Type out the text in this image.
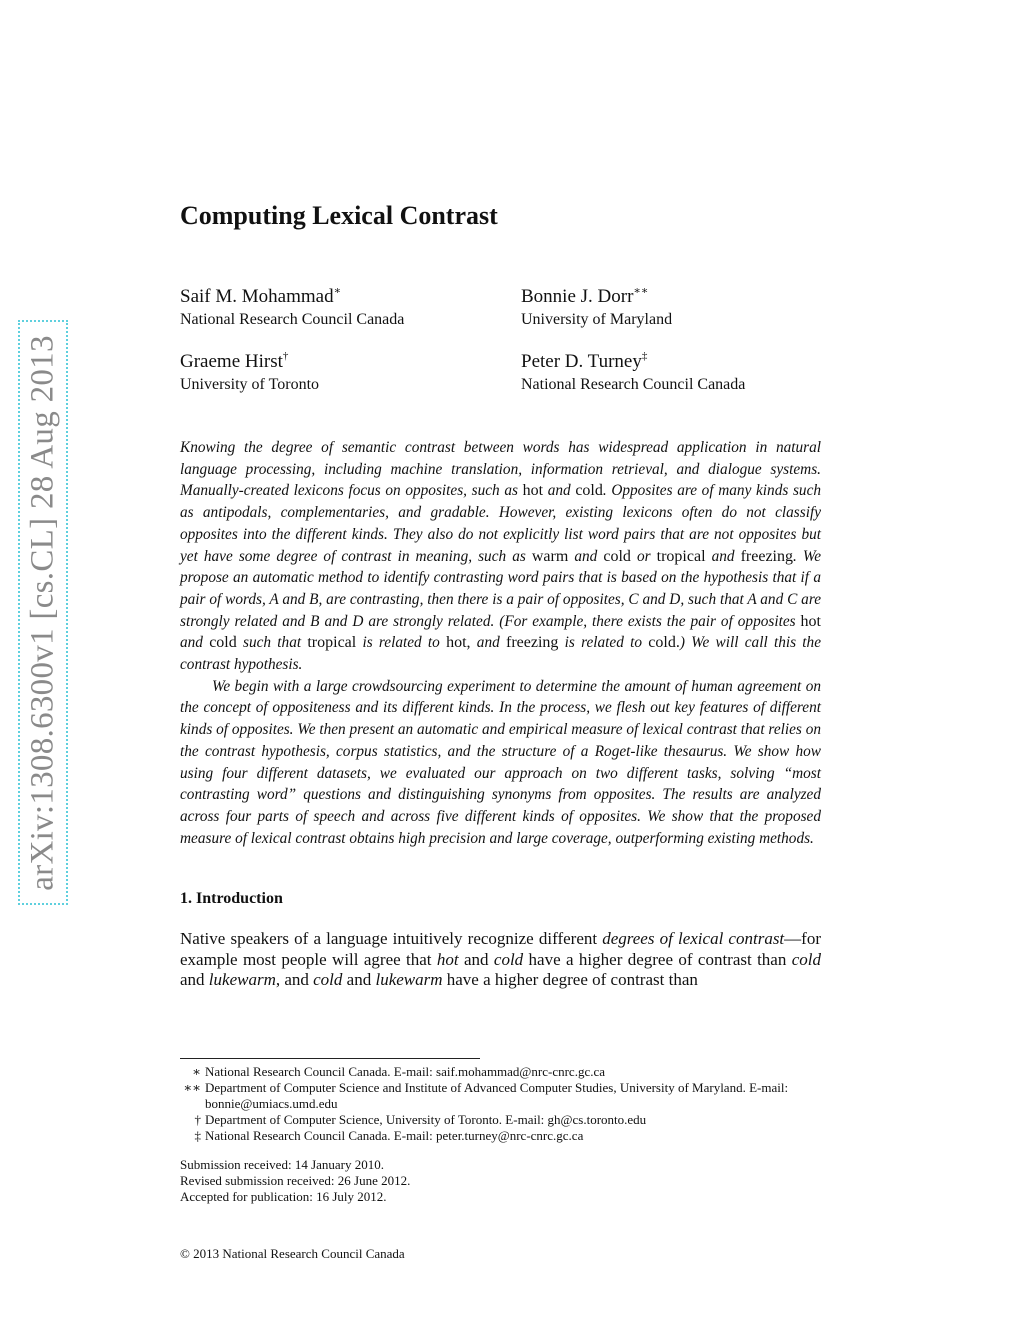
arXiv:1308.6300v1 [cs.CL] 28 Aug 2013
Computing Lexical Contrast
Saif M. Mohammad∗
National Research Council Canada
Bonnie J. Dorr∗∗
University of Maryland
Graeme Hirst†
University of Toronto
Peter D. Turney‡
National Research Council Canada

Knowing the degree of semantic contrast between words has widespread application in natural language processing, including machine translation, information retrieval, and dialogue systems. Manually-created lexicons focus on opposites, such as hot and cold. Opposites are of many kinds such as antipodals, complementaries, and gradable. However, existing lexicons often do not classify opposites into the different kinds. They also do not explicitly list word pairs that are not opposites but yet have some degree of contrast in meaning, such as warm and cold or tropical and freezing. We propose an automatic method to identify contrasting word pairs that is based on the hypothesis that if a pair of words, A and B, are contrasting, then there is a pair of opposites, C and D, such that A and C are strongly related and B and D are strongly related. (For example, there exists the pair of opposites hot and cold such that tropical is related to hot, and freezing is related to cold.) We will call this the contrast hypothesis.

We begin with a large crowdsourcing experiment to determine the amount of human agreement on the concept of oppositeness and its different kinds. In the process, we flesh out key features of different kinds of opposites. We then present an automatic and empirical measure of lexical contrast that relies on the contrast hypothesis, corpus statistics, and the structure of a Roget-like thesaurus. We show how using four different datasets, we evaluated our approach on two different tasks, solving “most contrasting word” questions and distinguishing synonyms from opposites. The results are analyzed across four parts of speech and across five different kinds of opposites. We show that the proposed measure of lexical contrast obtains high precision and large coverage, outperforming existing methods.

1. Introduction

Native speakers of a language intuitively recognize different degrees of lexical contrast—for example most people will agree that hot and cold have a higher degree of contrast than cold and lukewarm, and cold and lukewarm have a higher degree of contrast than

∗ National Research Council Canada. E-mail: saif.mohammad@nrc-cnrc.gc.ca
∗∗ Department of Computer Science and Institute of Advanced Computer Studies, University of Maryland. E-mail: bonnie@umiacs.umd.edu
† Department of Computer Science, University of Toronto. E-mail: gh@cs.toronto.edu
‡ National Research Council Canada. E-mail: peter.turney@nrc-cnrc.gc.ca
Submission received: 14 January 2010.
Revised submission received: 26 June 2012.
Accepted for publication: 16 July 2012.
© 2013 National Research Council Canada
